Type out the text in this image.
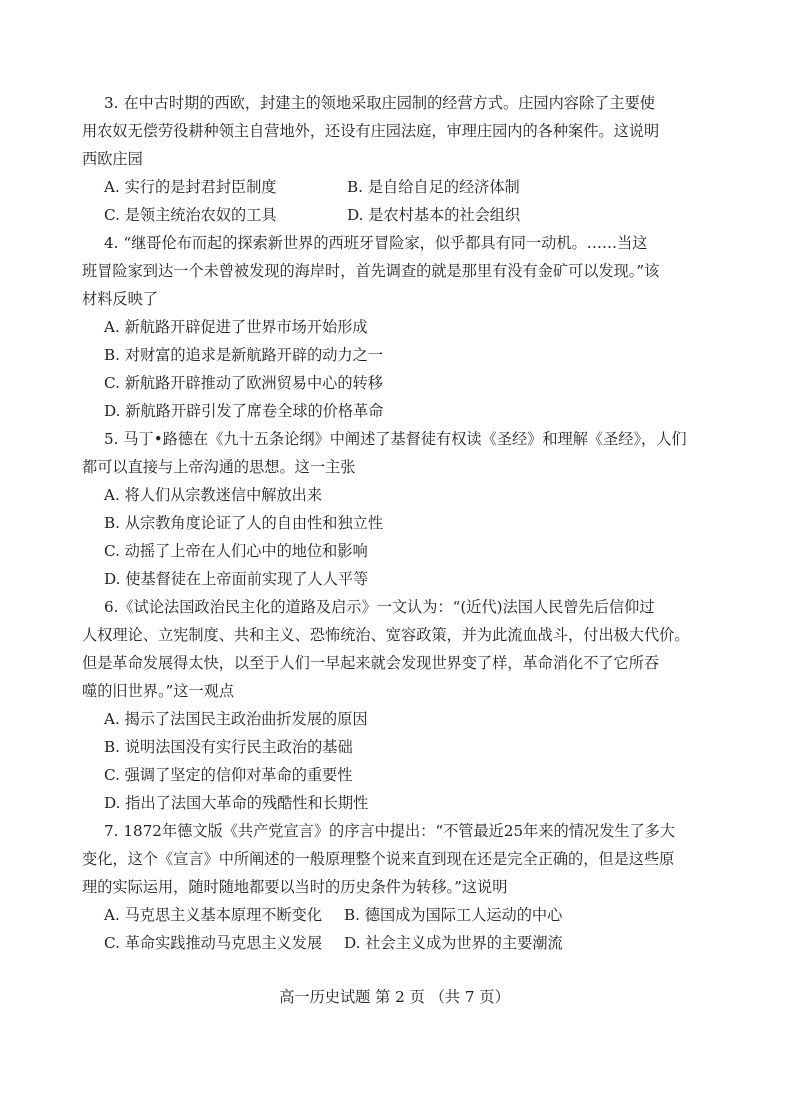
3. 在中古时期的西欧，封建主的领地采取庄园制的经营方式。庄园内容除了主要使
用农奴无偿劳役耕种领主自营地外，还设有庄园法庭，审理庄园内的各种案件。这说明
西欧庄园
A. 实行的是封君封臣制度	B. 是自给自足的经济体制
C. 是领主统治农奴的工具	D. 是农村基本的社会组织
4. “继哥伦布而起的探索新世界的西班牙冒险家，似乎都具有同一动机。……当这
班冒险家到达一个未曾被发现的海岸时，首先调查的就是那里有没有金矿可以发现。”该
材料反映了
A. 新航路开辟促进了世界市场开始形成
B. 对财富的追求是新航路开辟的动力之一
C. 新航路开辟推动了欧洲贸易中心的转移
D. 新航路开辟引发了席卷全球的价格革命
5. 马丁•路德在《九十五条论纲》中阐述了基督徒有权读《圣经》和理解《圣经》，人们
都可以直接与上帝沟通的思想。这一主张
A. 将人们从宗教迷信中解放出来
B. 从宗教角度论证了人的自由性和独立性
C. 动摇了上帝在人们心中的地位和影响
D. 使基督徒在上帝面前实现了人人平等
6.《试论法国政治民主化的道路及启示》一文认为：“(近代)法国人民曾先后信仰过
人权理论、立宪制度、共和主义、恐怖统治、宽容政策，并为此流血战斗，付出极大代价。
但是革命发展得太快，以至于人们一早起来就会发现世界变了样，革命消化不了它所吞
噬的旧世界。”这一观点
A. 揭示了法国民主政治曲折发展的原因
B. 说明法国没有实行民主政治的基础
C. 强调了坚定的信仰对革命的重要性
D. 指出了法国大革命的残酷性和长期性
7. 1872年德文版《共产党宣言》的序言中提出：“不管最近25年来的情况发生了多大
变化，这个《宣言》中所阐述的一般原理整个说来直到现在还是完全正确的，但是这些原
理的实际运用，随时随地都要以当时的历史条件为转移。”这说明
A. 马克思主义基本原理不断变化	B. 德国成为国际工人运动的中心
C. 革命实践推动马克思主义发展	D. 社会主义成为世界的主要潮流
高一历史试题 第 2 页 （共 7 页）
